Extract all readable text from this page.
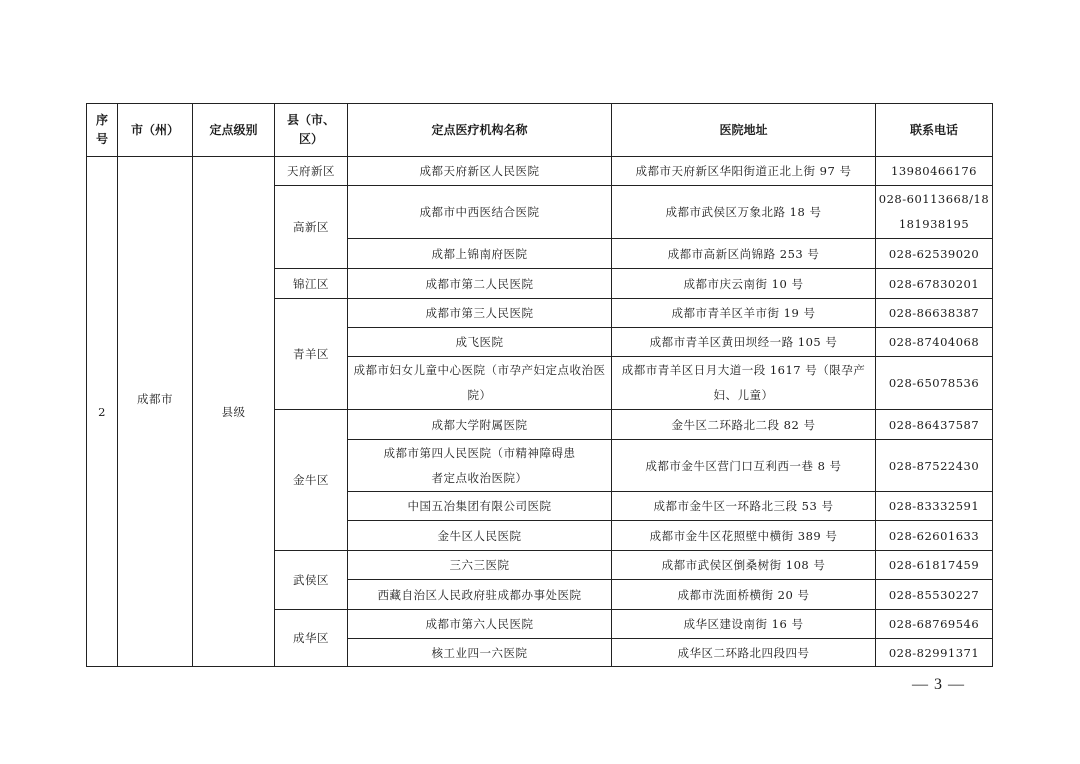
序号	市（州）	定点级别	县（市、区）	定点医疗机构名称	医院地址	联系电话
2	成都市	县级	天府新区	成都天府新区人民医院	成都市天府新区华阳街道正北上街 97 号	13980466176
			高新区	成都市中西医结合医院	成都市武侯区万象北路 18 号	028-60113668/18 181938195
				成都上锦南府医院	成都市高新区尚锦路 253 号	028-62539020
			锦江区	成都市第二人民医院	成都市庆云南街 10 号	028-67830201
			青羊区	成都市第三人民医院	成都市青羊区羊市街 19 号	028-86638387
				成飞医院	成都市青羊区黄田坝经一路 105 号	028-87404068
				成都市妇女儿童中心医院（市孕产妇定点收治医院）	成都市青羊区日月大道一段 1617 号（限孕产妇、儿童）	028-65078536
			金牛区	成都大学附属医院	金牛区二环路北二段 82 号	028-86437587
				成都市第四人民医院（市精神障碍患者定点收治医院）	成都市金牛区营门口互利西一巷 8 号	028-87522430
				中国五冶集团有限公司医院	成都市金牛区一环路北三段 53 号	028-83332591
				金牛区人民医院	成都市金牛区花照壁中横街 389 号	028-62601633
			武侯区	三六三医院	成都市武侯区倒桑树街 108 号	028-61817459
				西藏自治区人民政府驻成都办事处医院	成都市洗面桥横街 20 号	028-85530227
			成华区	成都市第六人民医院	成华区建设南街 16 号	028-68769546
				核工业四一六医院	成华区二环路北四段四号	028-82991371
— 3 —
